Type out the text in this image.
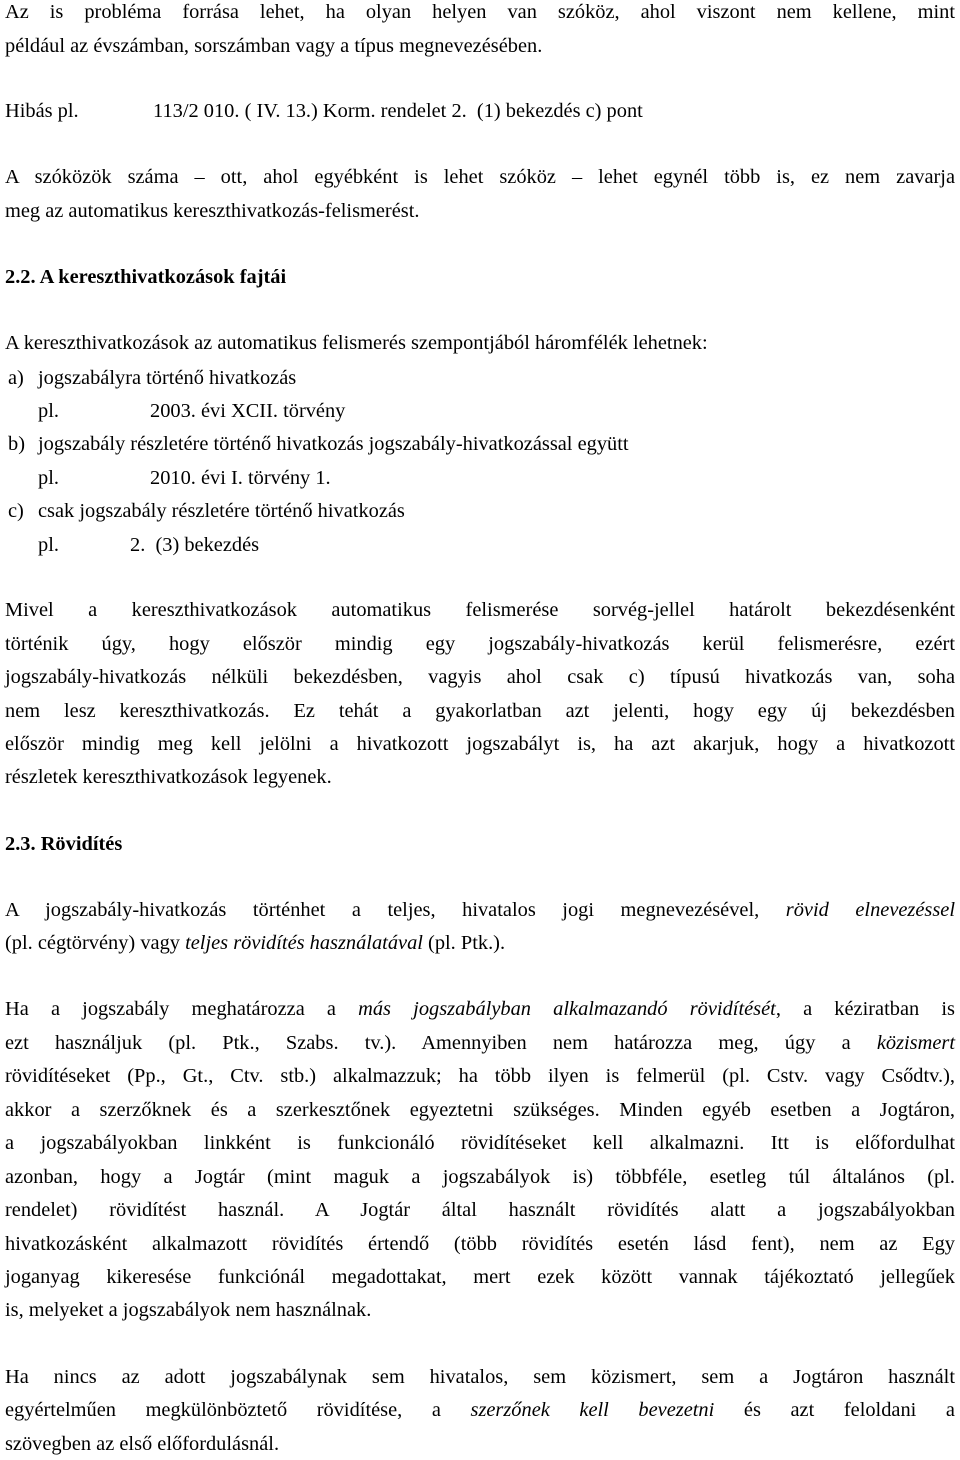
Az is probléma forrása lehet, ha olyan helyen van szóköz, ahol viszont nem kellene, mint
például az évszámban, sorszámban vagy a típus megnevezésében.
Hibás pl.	113/2 010. ( IV. 13.) Korm. rendelet 2.  (1) bekezdés c) pont
A szóközök száma – ott, ahol egyébként is lehet szóköz – lehet egynél több is, ez nem zavarja
meg az automatikus kereszthivatkozás-felismerést.
2.2. A kereszthivatkozások fajtái
A kereszthivatkozások az automatikus felismerés szempontjából háromfélék lehetnek:
a) jogszabályra történő hivatkozás
pl.	2003. évi XCII. törvény
b) jogszabály részletére történő hivatkozás jogszabály-hivatkozással együtt
pl.	2010. évi I. törvény 1.
c) csak jogszabály részletére történő hivatkozás
pl.	2.  (3) bekezdés
Mivel a kereszthivatkozások automatikus felismerése sorvég-jellel határolt bekezdésenként
történik úgy, hogy először mindig egy jogszabály-hivatkozás kerül felismerésre, ezért
jogszabály-hivatkozás nélküli bekezdésben, vagyis ahol csak c) típusú hivatkozás van, soha
nem lesz kereszthivatkozás. Ez tehát a gyakorlatban azt jelenti, hogy egy új bekezdésben
először mindig meg kell jelölni a hivatkozott jogszabályt is, ha azt akarjuk, hogy a hivatkozott
részletek kereszthivatkozások legyenek.
2.3. Rövidítés
A jogszabály-hivatkozás történhet a teljes, hivatalos jogi megnevezésével, rövid elnevezéssel
(pl. cégtörvény) vagy teljes rövidítés használatával (pl. Ptk.).
Ha a jogszabály meghatározza a más jogszabályban alkalmazandó rövidítését, a kéziratban is
ezt használjuk (pl. Ptk., Szabs. tv.). Amennyiben nem határozza meg, úgy a közismert
rövidítéseket (Pp., Gt., Ctv. stb.) alkalmazzuk; ha több ilyen is felmerül (pl. Cstv. vagy Csődtv.),
akkor a szerzőknek és a szerkesztőnek egyeztetni szükséges. Minden egyéb esetben a Jogtáron,
a jogszabályokban linkként is funkcionáló rövidítéseket kell alkalmazni. Itt is előfordulhat
azonban, hogy a Jogtár (mint maguk a jogszabályok is) többféle, esetleg túl általános (pl.
rendelet) rövidítést használ. A Jogtár által használt rövidítés alatt a jogszabályokban
hivatkozásként alkalmazott rövidítés értendő (több rövidítés esetén lásd fent), nem az Egy
joganyag kikeresése funkciónál megadottakat, mert ezek között vannak tájékoztató jellegűek
is, melyeket a jogszabályok nem használnak.
Ha nincs az adott jogszabálynak sem hivatalos, sem közismert, sem a Jogtáron használt
egyértelműen megkülönböztető rövidítése, a szerzőnek kell bevezetni és azt feloldani a
szövegben az első előfordulásnál.
